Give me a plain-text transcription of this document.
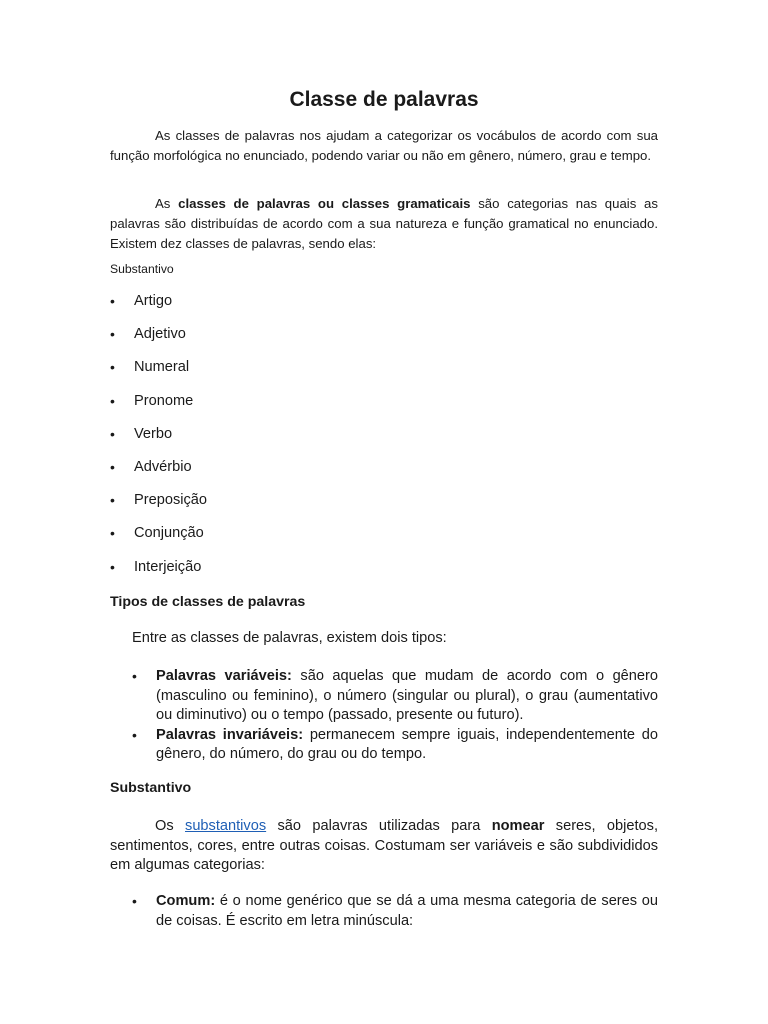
Classe de palavras

As classes de palavras nos ajudam a categorizar os vocábulos de acordo com sua função morfológica no enunciado, podendo variar ou não em gênero, número, grau e tempo.

As classes de palavras ou classes gramaticais são categorias nas quais as palavras são distribuídas de acordo com a sua natureza e função gramatical no enunciado. Existem dez classes de palavras, sendo elas:

Substantivo

• Artigo
• Adjetivo
• Numeral
• Pronome
• Verbo
• Advérbio
• Preposição
• Conjunção
• Interjeição
Tipos de classes de palavras

Entre as classes de palavras, existem dois tipos:

• Palavras variáveis: são aquelas que mudam de acordo com o gênero (masculino ou feminino), o número (singular ou plural), o grau (aumentativo ou diminutivo) ou o tempo (passado, presente ou futuro).
• Palavras invariáveis: permanecem sempre iguais, independentemente do gênero, do número, do grau ou do tempo.
Substantivo

Os substantivos são palavras utilizadas para nomear seres, objetos, sentimentos, cores, entre outras coisas. Costumam ser variáveis e são subdivididos em algumas categorias:

• Comum: é o nome genérico que se dá a uma mesma categoria de seres ou de coisas. É escrito em letra minúscula:
